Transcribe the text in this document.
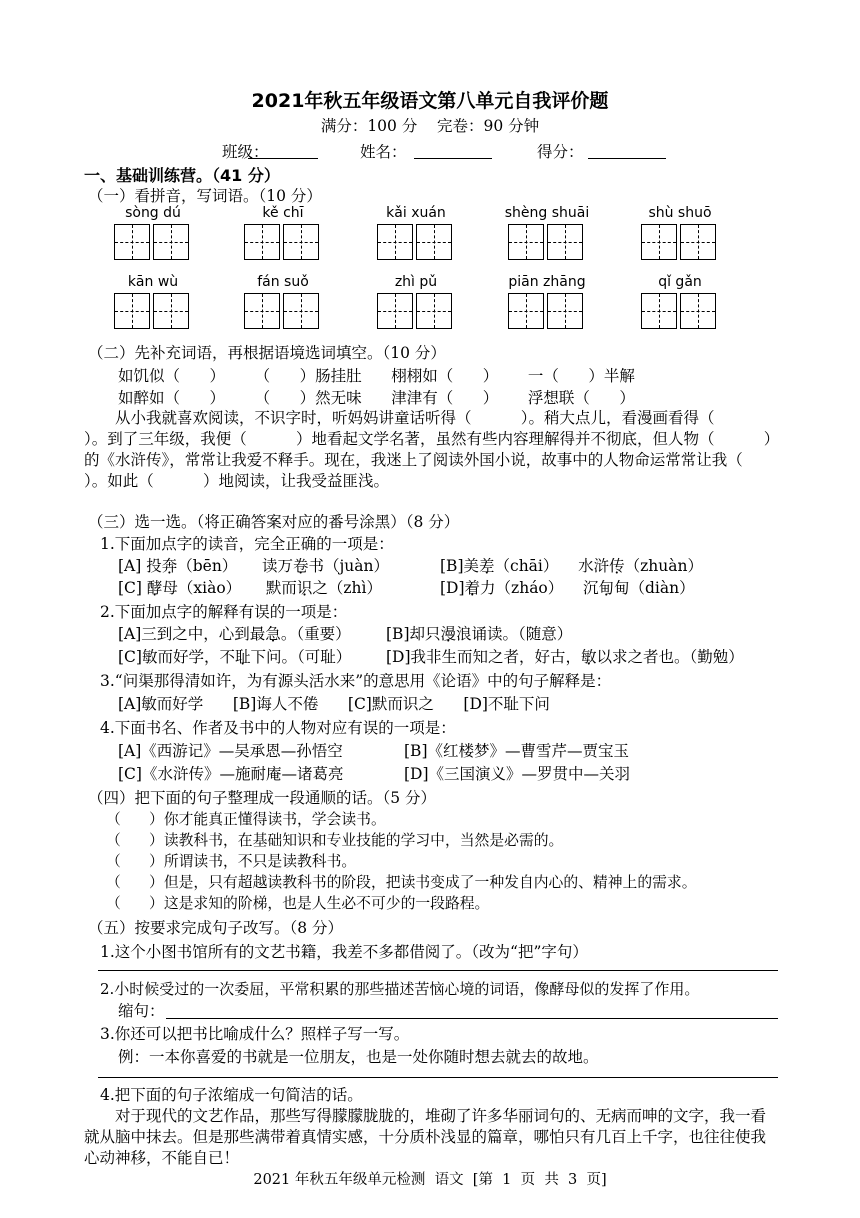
2021年秋五年级语文第八单元自我评价题
满分：100 分    完卷：90 分钟
班级：	姓名：	得分：
一、基础训练营。（41 分）
（一）看拼音，写词语。（10 分）
sòng dú	kě chī	kǎi xuán	shèng shuāi	shù shuō
kān wù	fán suǒ	zhì pǔ	piān zhāng	qǐ gǎn
（二）先补充词语，再根据语境选词填空。（10 分）
如饥似（      ）      （      ）肠挂肚      栩栩如（      ）      一（      ）半解
如醉如（      ）      （      ）然无味      津津有（      ）      浮想联（      ）
从小我就喜欢阅读，不识字时，听妈妈讲童话听得（          ）。稍大点儿，看漫画看得（          ）。到了三年级，我便（          ）地看起文学名著，虽然有些内容理解得并不彻底，但人物（          ）的《水浒传》，常常让我爱不释手。现在，我迷上了阅读外国小说，故事中的人物命运常常让我（          ）。如此（          ）地阅读，让我受益匪浅。
（三）选一选。（将正确答案对应的番号涂黑）（8 分）
1.下面加点字的读音，完全正确的一项是：
[A] 投奔（bēn）     读万卷书（juàn）	[B]美差（chāi）    水浒传（zhuàn）
[C] 酵母（xiào）     默而识之（zhì）	[D]着力（zháo）    沉甸甸（diàn）
2.下面加点字的解释有误的一项是：
[A]三到之中，心到最急。（重要） [B]却只漫浪诵读。（随意）
[C]敏而好学，不耻下问。（可耻） [D]我非生而知之者，好古，敏以求之者也。（勤勉）
3.“问渠那得清如许，为有源头活水来”的意思用《论语》中的句子解释是：
[A]敏而好学      [B]诲人不倦      [C]默而识之      [D]不耻下问
4.下面书名、作者及书中的人物对应有误的一项是：
[A]《西游记》—吴承恩—孙悟空	[B]《红楼梦》—曹雪芹—贾宝玉
[C]《水浒传》—施耐庵—诸葛亮	[D]《三国演义》—罗贯中—关羽
（四）把下面的句子整理成一段通顺的话。（5 分）
（      ）你才能真正懂得读书，学会读书。
（      ）读教科书，在基础知识和专业技能的学习中，当然是必需的。
（      ）所谓读书，不只是读教科书。
（      ）但是，只有超越读教科书的阶段，把读书变成了一种发自内心的、精神上的需求。
（      ）这是求知的阶梯，也是人生必不可少的一段路程。
（五）按要求完成句子改写。（8 分）
1.这个小图书馆所有的文艺书籍，我差不多都借阅了。（改为“把”字句）
2.小时候受过的一次委屈，平常积累的那些描述苦恼心境的词语，像酵母似的发挥了作用。
缩句：
3.你还可以把书比喻成什么？照样子写一写。
例：一本你喜爱的书就是一位朋友，也是一处你随时想去就去的故地。
4.把下面的句子浓缩成一句简洁的话。
对于现代的文艺作品，那些写得朦朦胧胧的，堆砌了许多华丽词句的、无病而呻的文字，我一看就从脑中抹去。但是那些满带着真情实感，十分质朴浅显的篇章，哪怕只有几百上千字，也往往使我心动神移，不能自已！
2021 年秋五年级单元检测  语文  [第  1  页  共  3  页]
